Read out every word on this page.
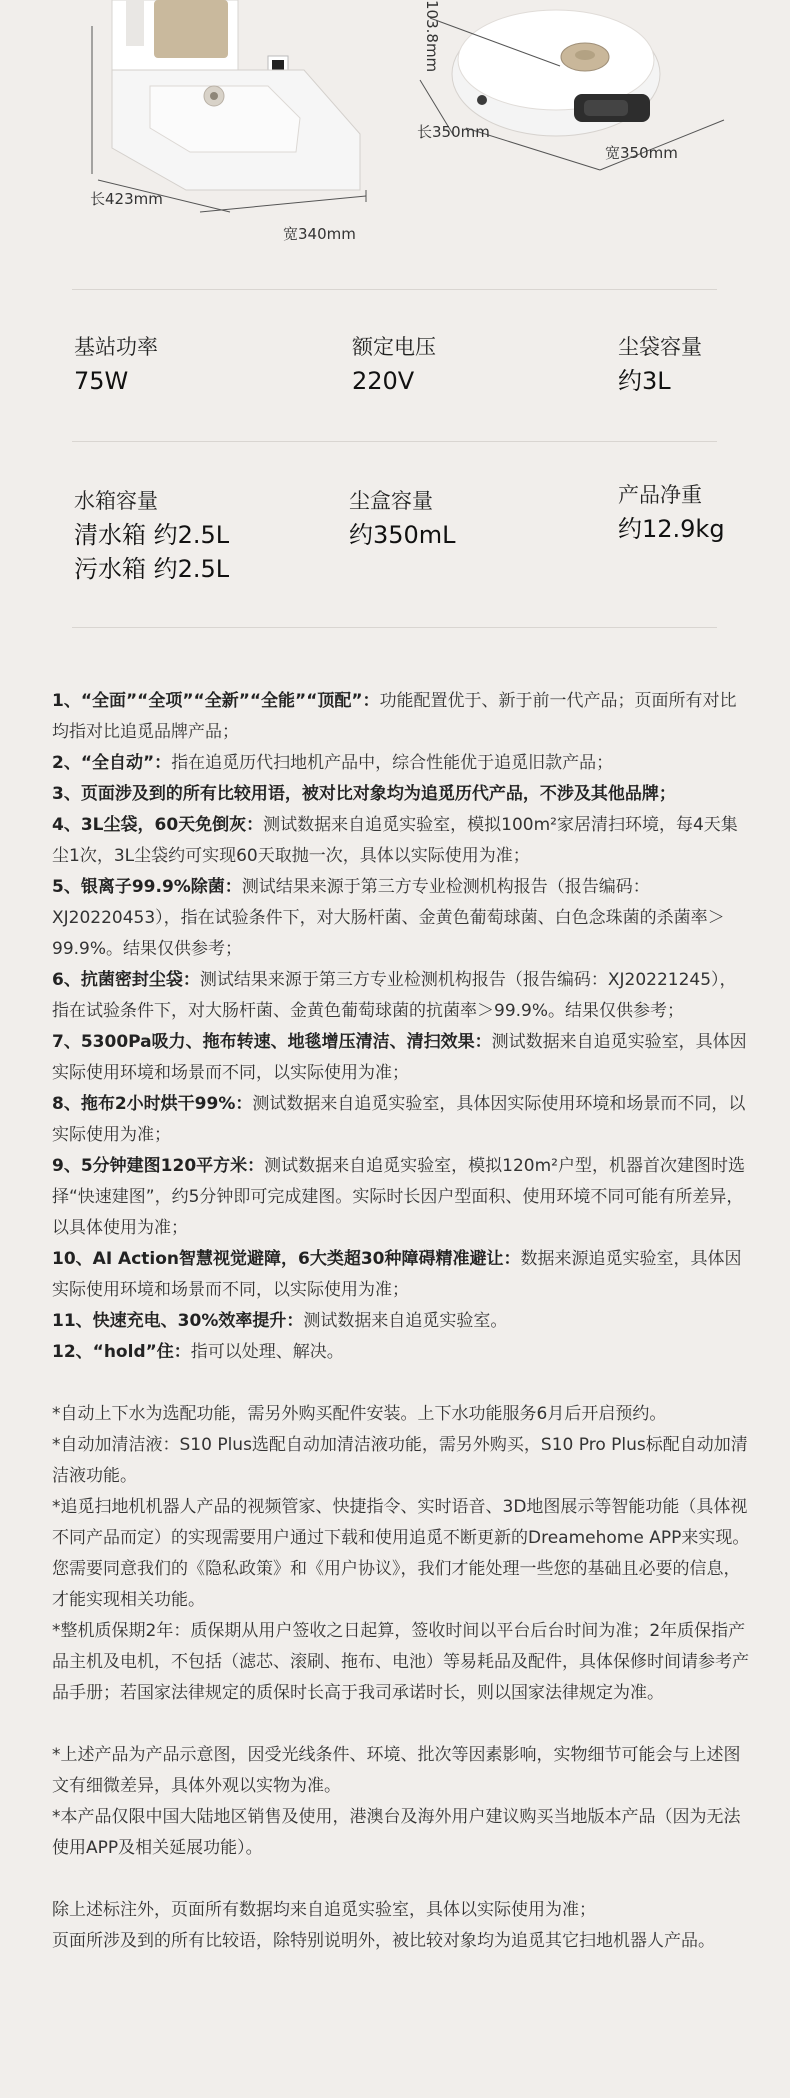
长423mm
宽340mm
103.8mm
长350mm
宽350mm
基站功率
75W
额定电压
220V
尘袋容量
约3L
水箱容量
清水箱 约2.5L
污水箱 约2.5L
尘盒容量
约350mL
产品净重
约12.9kg

1、“全面”“全项”“全新”“全能”“顶配”：功能配置优于、新于前一代产品；页面所有对比均指对比追觅品牌产品；

2、“全自动”：指在追觅历代扫地机产品中，综合性能优于追觅旧款产品；

3、页面涉及到的所有比较用语，被对比对象均为追觅历代产品，不涉及其他品牌；

4、3L尘袋，60天免倒灰：测试数据来自追觅实验室，模拟100m²家居清扫环境，每4天集尘1次，3L尘袋约可实现60天取抛一次，具体以实际使用为准；

5、银离子99.9%除菌：测试结果来源于第三方专业检测机构报告（报告编码：XJ20220453），指在试验条件下，对大肠杆菌、金黄色葡萄球菌、白色念珠菌的杀菌率＞99.9%。结果仅供参考；

6、抗菌密封尘袋：测试结果来源于第三方专业检测机构报告（报告编码：XJ20221245），指在试验条件下，对大肠杆菌、金黄色葡萄球菌的抗菌率＞99.9%。结果仅供参考；

7、5300Pa吸力、拖布转速、地毯增压清洁、清扫效果：测试数据来自追觅实验室，具体因实际使用环境和场景而不同，以实际使用为准；

8、拖布2小时烘干99%：测试数据来自追觅实验室，具体因实际使用环境和场景而不同，以实际使用为准；

9、5分钟建图120平方米：测试数据来自追觅实验室，模拟120m²户型，机器首次建图时选择“快速建图”，约5分钟即可完成建图。实际时长因户型面积、使用环境不同可能有所差异，以具体使用为准；

10、AI Action智慧视觉避障，6大类超30种障碍精准避让：数据来源追觅实验室，具体因实际使用环境和场景而不同，以实际使用为准；

11、快速充电、30%效率提升：测试数据来自追觅实验室。

12、“hold”住：指可以处理、解决。

*自动上下水为选配功能，需另外购买配件安装。上下水功能服务6月后开启预约。

*自动加清洁液：S10 Plus选配自动加清洁液功能，需另外购买，S10 Pro Plus标配自动加清洁液功能。

*追觅扫地机机器人产品的视频管家、快捷指令、实时语音、3D地图展示等智能功能（具体视不同产品而定）的实现需要用户通过下载和使用追觅不断更新的Dreamehome APP来实现。您需要同意我们的《隐私政策》和《用户协议》，我们才能处理一些您的基础且必要的信息，才能实现相关功能。

*整机质保期2年：质保期从用户签收之日起算，签收时间以平台后台时间为准；2年质保指产品主机及电机，不包括（滤芯、滚刷、拖布、电池）等易耗品及配件，具体保修时间请参考产品手册；若国家法律规定的质保时长高于我司承诺时长，则以国家法律规定为准。

*上述产品为产品示意图，因受光线条件、环境、批次等因素影响，实物细节可能会与上述图文有细微差异，具体外观以实物为准。

*本产品仅限中国大陆地区销售及使用，港澳台及海外用户建议购买当地版本产品（因为无法使用APP及相关延展功能）。

除上述标注外，页面所有数据均来自追觅实验室，具体以实际使用为准；

页面所涉及到的所有比较语，除特别说明外，被比较对象均为追觅其它扫地机器人产品。
